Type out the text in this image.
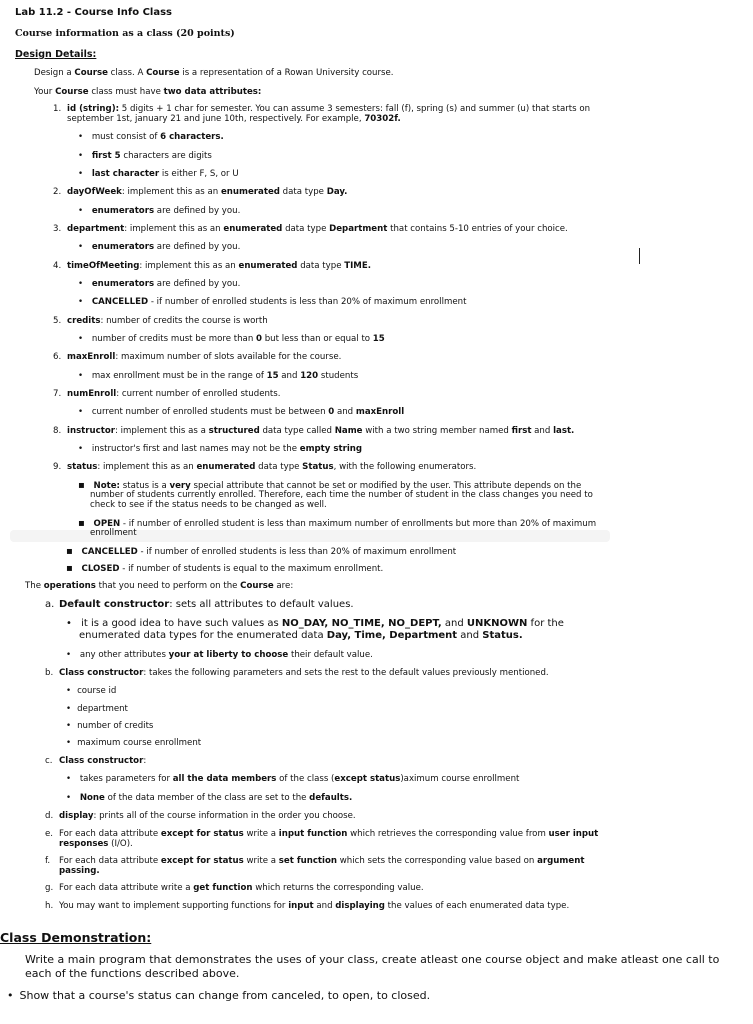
Lab 11.2 - Course Info Class
Course information as a class (20 points)
Design Details:
Design a Course class. A Course is a representation of a Rowan University course.
Your Course class must have two data attributes:
1. id (string): 5 digits + 1 char for semester. You can assume 3 semesters: fall (f), spring (s) and summer (u) that starts on
september 1st, january 21 and june 10th, respectively. For example, 70302f.
• must consist of 6 characters.
• first 5 characters are digits
• last character is either F, S, or U
2. dayOfWeek: implement this as an enumerated data type Day.
• enumerators are defined by you.
3. department: implement this as an enumerated data type Department that contains 5-10 entries of your choice.
• enumerators are defined by you.
4. timeOfMeeting: implement this as an enumerated data type TIME.
• enumerators are defined by you.
• CANCELLED - if number of enrolled students is less than 20% of maximum enrollment
5. credits: number of credits the course is worth
• number of credits must be more than 0 but less than or equal to 15
6. maxEnroll: maximum number of slots available for the course.
• max enrollment must be in the range of 15 and 120 students
7. numEnroll: current number of enrolled students.
• current number of enrolled students must be between 0 and maxEnroll
8. instructor: implement this as a structured data type called Name with a two string member named first and last.
• instructor's first and last names may not be the empty string
9. status: implement this as an enumerated data type Status, with the following enumerators.
▪ Note: status is a very special attribute that cannot be set or modified by the user. This attribute depends on the
number of students currently enrolled. Therefore, each time the number of student in the class changes you need to
check to see if the status needs to be changed as well.
▪ OPEN - if number of enrolled student is less than maximum number of enrollments but more than 20% of maximum
enrollment
▪ CANCELLED - if number of enrolled students is less than 20% of maximum enrollment
▪ CLOSED - if number of students is equal to the maximum enrollment.
The operations that you need to perform on the Course are:
a. Default constructor: sets all attributes to default values.
• it is a good idea to have such values as NO_DAY, NO_TIME, NO_DEPT, and UNKNOWN for the
enumerated data types for the enumerated data Day, Time, Department and Status.
• any other attributes your at liberty to choose their default value.
b. Class constructor: takes the following parameters and sets the rest to the default values previously mentioned.
• course id
• department
• number of credits
• maximum course enrollment
c. Class constructor:
• takes parameters for all the data members of the class (except status)aximum course enrollment
• None of the data member of the class are set to the defaults.
d. display: prints all of the course information in the order you choose.
e. For each data attribute except for status write a input function which retrieves the corresponding value from user input
responses (I/O).
f. For each data attribute except for status write a set function which sets the corresponding value based on argument
passing.
g. For each data attribute write a get function which returns the corresponding value.
h. You may want to implement supporting functions for input and displaying the values of each enumerated data type.
Class Demonstration:
Write a main program that demonstrates the uses of your class, create atleast one course object and make atleast one call to each of the functions described above.
• Show that a course's status can change from canceled, to open, to closed.
